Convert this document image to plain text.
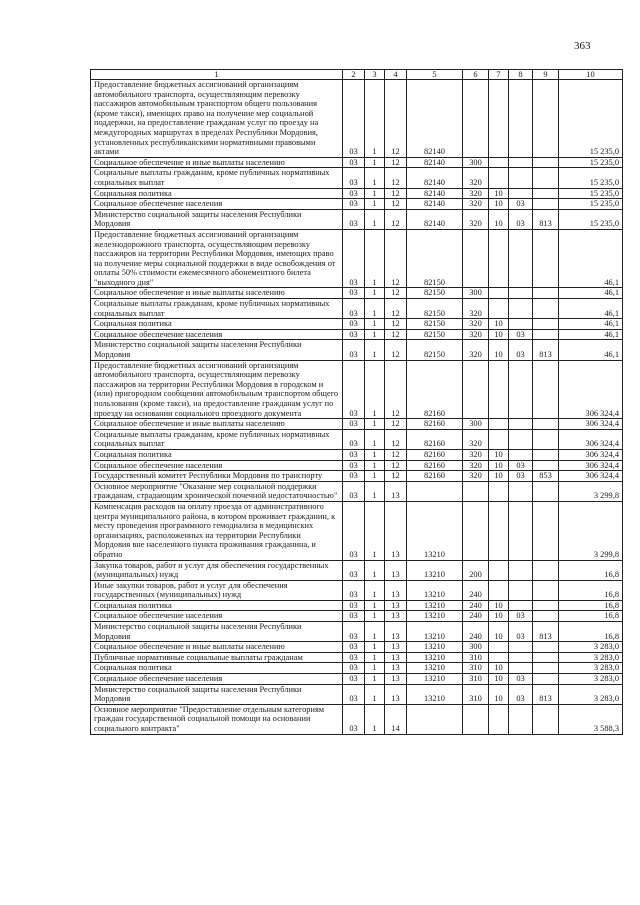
363
1	2	3	4	5	6	7	8	9	10
Предоставление бюджетных ассигнований организациям автомобильного транспорта, осуществляющим перевозку пассажиров автомобильным транспортом общего пользования (кроме такси), имеющих право на получение мер социальной поддержки, на предоставление гражданам услуг по проезду на междугородных маршрутах в пределах Республики Мордовия, установленных республиканскими нормативными правовыми актами	03	1	12	82140					15 235,0
Социальное обеспечение и иные выплаты населению	03	1	12	82140	300				15 235,0
Социальные выплаты гражданам, кроме публичных нормативных социальных выплат	03	1	12	82140	320				15 235,0
Социальная политика	03	1	12	82140	320	10			15 235,0
Социальное обеспечение населения	03	1	12	82140	320	10	03		15 235,0
Министерство социальной защиты населения Республики Мордовия	03	1	12	82140	320	10	03	813	15 235,0
Предоставление бюджетных ассигнований организациям железнодорожного транспорта, осуществляющим перевозку пассажиров на территории Республики Мордовия, имеющих право на получение меры социальной поддержки в виде освобождения от оплаты 50% стоимости ежемесячного абонементного билета "выходного дня"	03	1	12	82150					46,1
Социальное обеспечение и иные выплаты населению	03	1	12	82150	300				46,1
Социальные выплаты гражданам, кроме публичных нормативных социальных выплат	03	1	12	82150	320				46,1
Социальная политика	03	1	12	82150	320	10			46,1
Социальное обеспечение населения	03	1	12	82150	320	10	03		46,1
Министерство социальной защиты населения Республики Мордовия	03	1	12	82150	320	10	03	813	46,1
Предоставление бюджетных ассигнований организациям автомобильного транспорта, осуществляющим перевозку пассажиров на территории Республики Мордовия в городском и (или) пригородном сообщении автомобильным транспортом общего пользования (кроме такси), на предоставление гражданам услуг по проезду на основании социального проездного документа	03	1	12	82160					306 324,4
Социальное обеспечение и иные выплаты населению	03	1	12	82160	300				306 324,4
Социальные выплаты гражданам, кроме публичных нормативных социальных выплат	03	1	12	82160	320				306 324,4
Социальная политика	03	1	12	82160	320	10			306 324,4
Социальное обеспечение населения	03	1	12	82160	320	10	03		306 324,4
Государственный комитет Республики Мордовия по транспорту	03	1	12	82160	320	10	03	853	306 324,4
Основное мероприятие "Оказание мер социальной поддержки гражданам, страдающим хронической почечной недостаточностью"	03	1	13						3 299,8
Компенсация расходов на оплату проезда от административного центра муниципального района, в котором проживает гражданин, к месту проведения программного гемодиализа в медицинских организациях, расположенных на территории Республики Мордовия вне населенного пункта проживания гражданина, и обратно	03	1	13	13210					3 299,8
Закупка товаров, работ и услуг для обеспечения государственных (муниципальных) нужд	03	1	13	13210	200				16,8
Иные закупки товаров, работ и услуг для обеспечения государственных (муниципальных) нужд	03	1	13	13210	240				16,8
Социальная политика	03	1	13	13210	240	10			16,8
Социальное обеспечение населения	03	1	13	13210	240	10	03		16,8
Министерство социальной защиты населения Республики Мордовия	03	1	13	13210	240	10	03	813	16,8
Социальное обеспечение и иные выплаты населению	03	1	13	13210	300				3 283,0
Публичные нормативные социальные выплаты гражданам	03	1	13	13210	310				3 283,0
Социальная политика	03	1	13	13210	310	10			3 283,0
Социальное обеспечение населения	03	1	13	13210	310	10	03		3 283,0
Министерство социальной защиты населения Республики Мордовия	03	1	13	13210	310	10	03	813	3 283,0
Основное мероприятие "Предоставление отдельным категориям граждан государственной социальной помощи на основании социального контракта"	03	1	14						3 588,3
